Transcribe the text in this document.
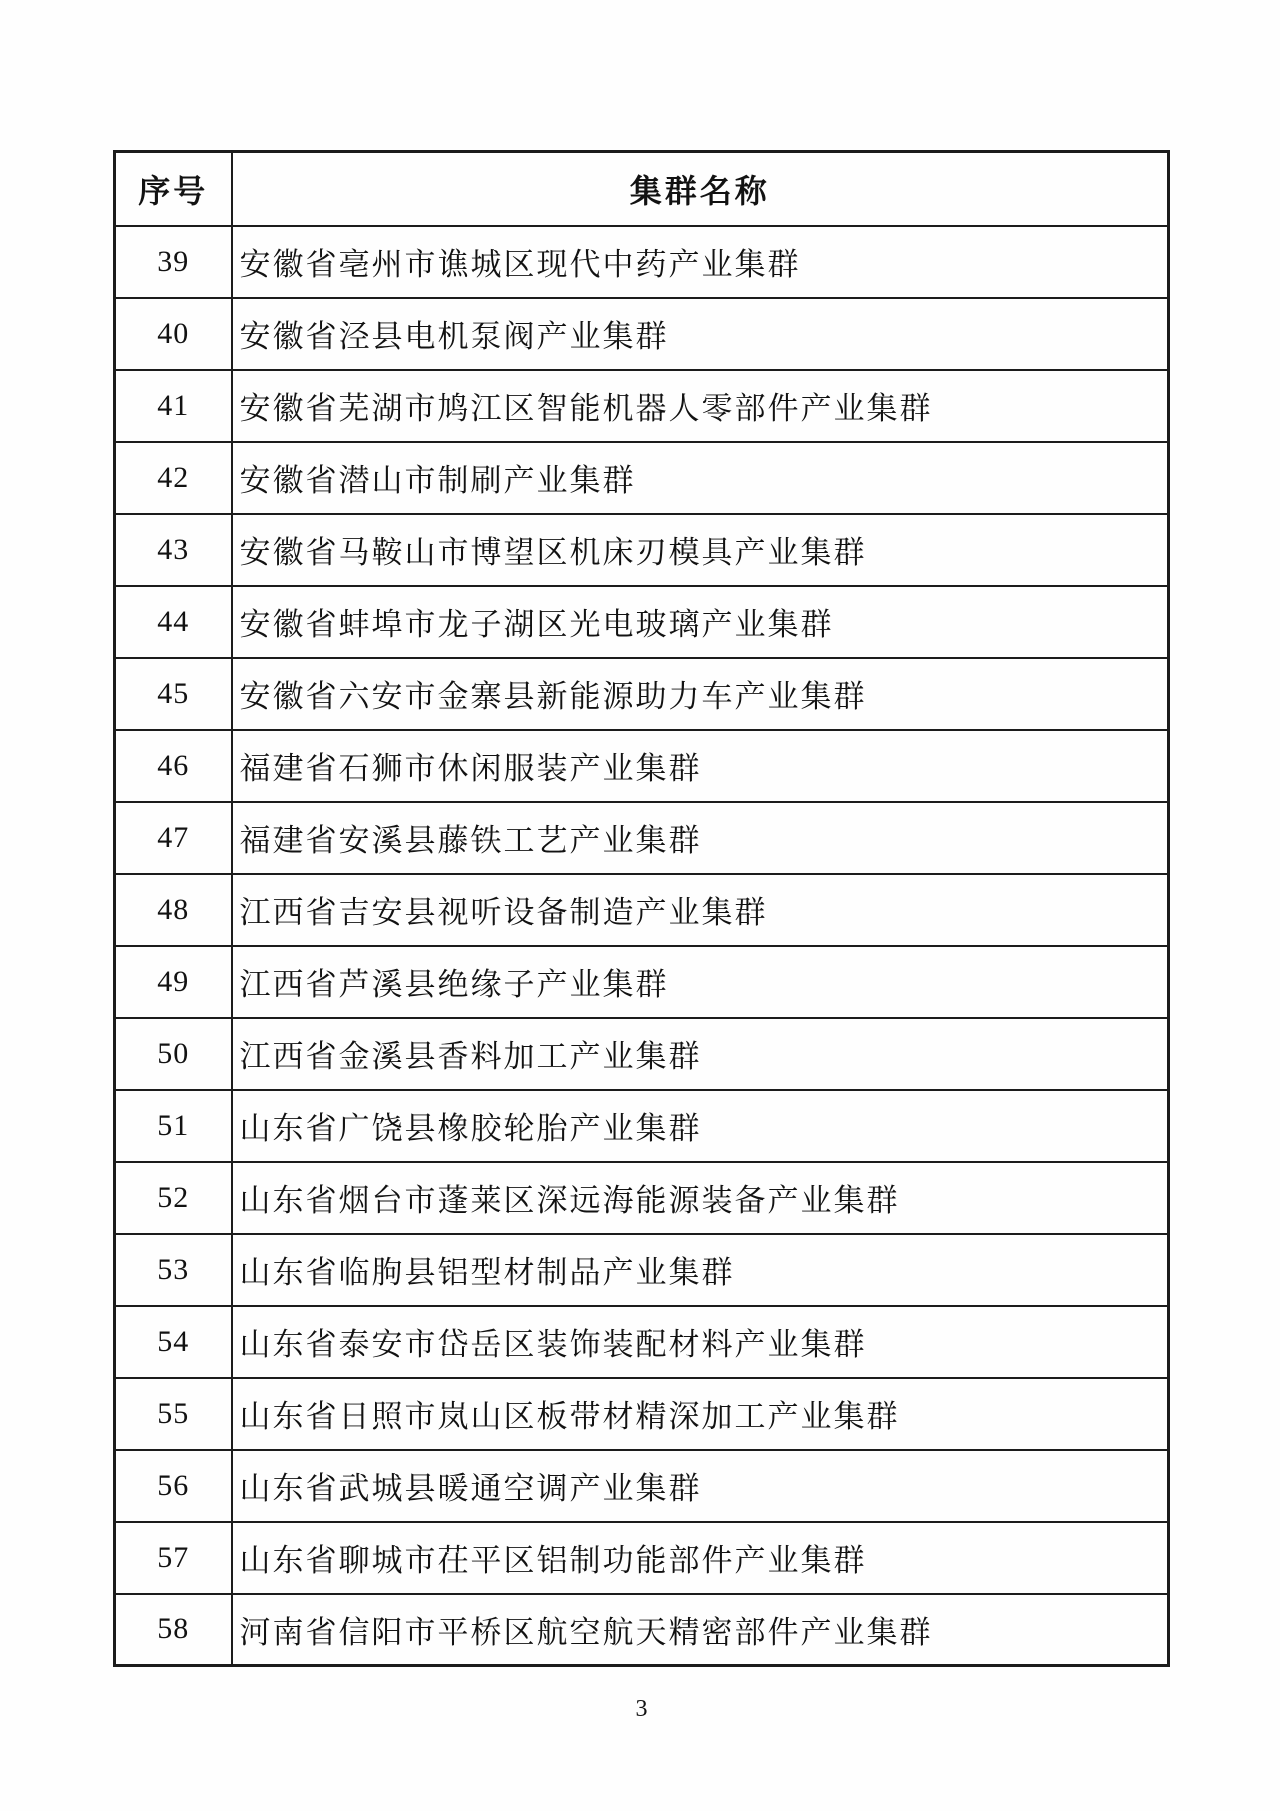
序号	集群名称
39	安徽省亳州市谯城区现代中药产业集群
40	安徽省泾县电机泵阀产业集群
41	安徽省芜湖市鸠江区智能机器人零部件产业集群
42	安徽省潜山市制刷产业集群
43	安徽省马鞍山市博望区机床刃模具产业集群
44	安徽省蚌埠市龙子湖区光电玻璃产业集群
45	安徽省六安市金寨县新能源助力车产业集群
46	福建省石狮市休闲服装产业集群
47	福建省安溪县藤铁工艺产业集群
48	江西省吉安县视听设备制造产业集群
49	江西省芦溪县绝缘子产业集群
50	江西省金溪县香料加工产业集群
51	山东省广饶县橡胶轮胎产业集群
52	山东省烟台市蓬莱区深远海能源装备产业集群
53	山东省临朐县铝型材制品产业集群
54	山东省泰安市岱岳区装饰装配材料产业集群
55	山东省日照市岚山区板带材精深加工产业集群
56	山东省武城县暖通空调产业集群
57	山东省聊城市茌平区铝制功能部件产业集群
58	河南省信阳市平桥区航空航天精密部件产业集群
3
